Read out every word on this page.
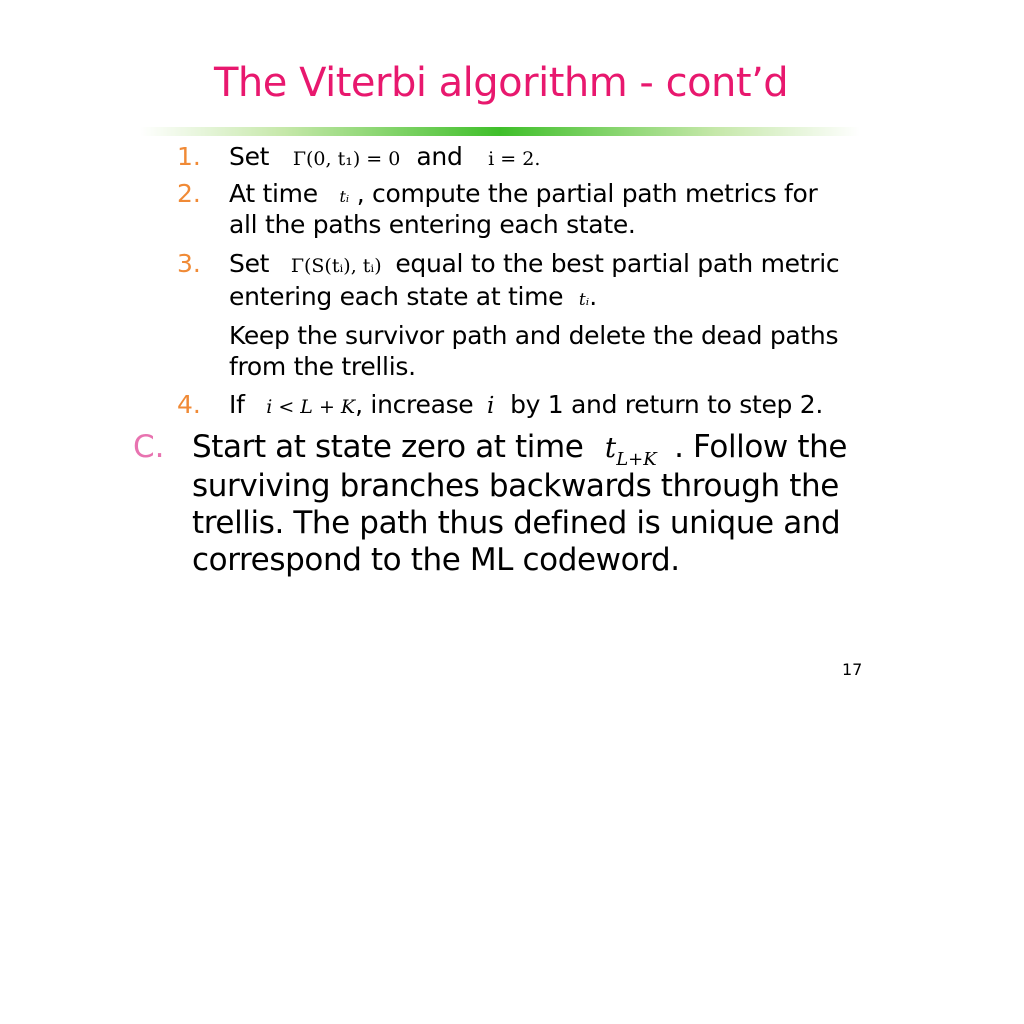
The Viterbi algorithm - cont’d
1. Set Γ(0, t₁) = 0 and i = 2.
2. At time tᵢ , compute the partial path metrics for
all the paths entering each state.
3. Set Γ(S(tᵢ), tᵢ) equal to the best partial path metric
entering each state at time tᵢ.
Keep the survivor path and delete the dead paths
from the trellis.
4. If i < L + K, increase i by 1 and return to step 2.
C. Start at state zero at time $t_{L+K}$ . Follow the
surviving branches backwards through the
trellis. The path thus defined is unique and
correspond to the ML codeword.
17
